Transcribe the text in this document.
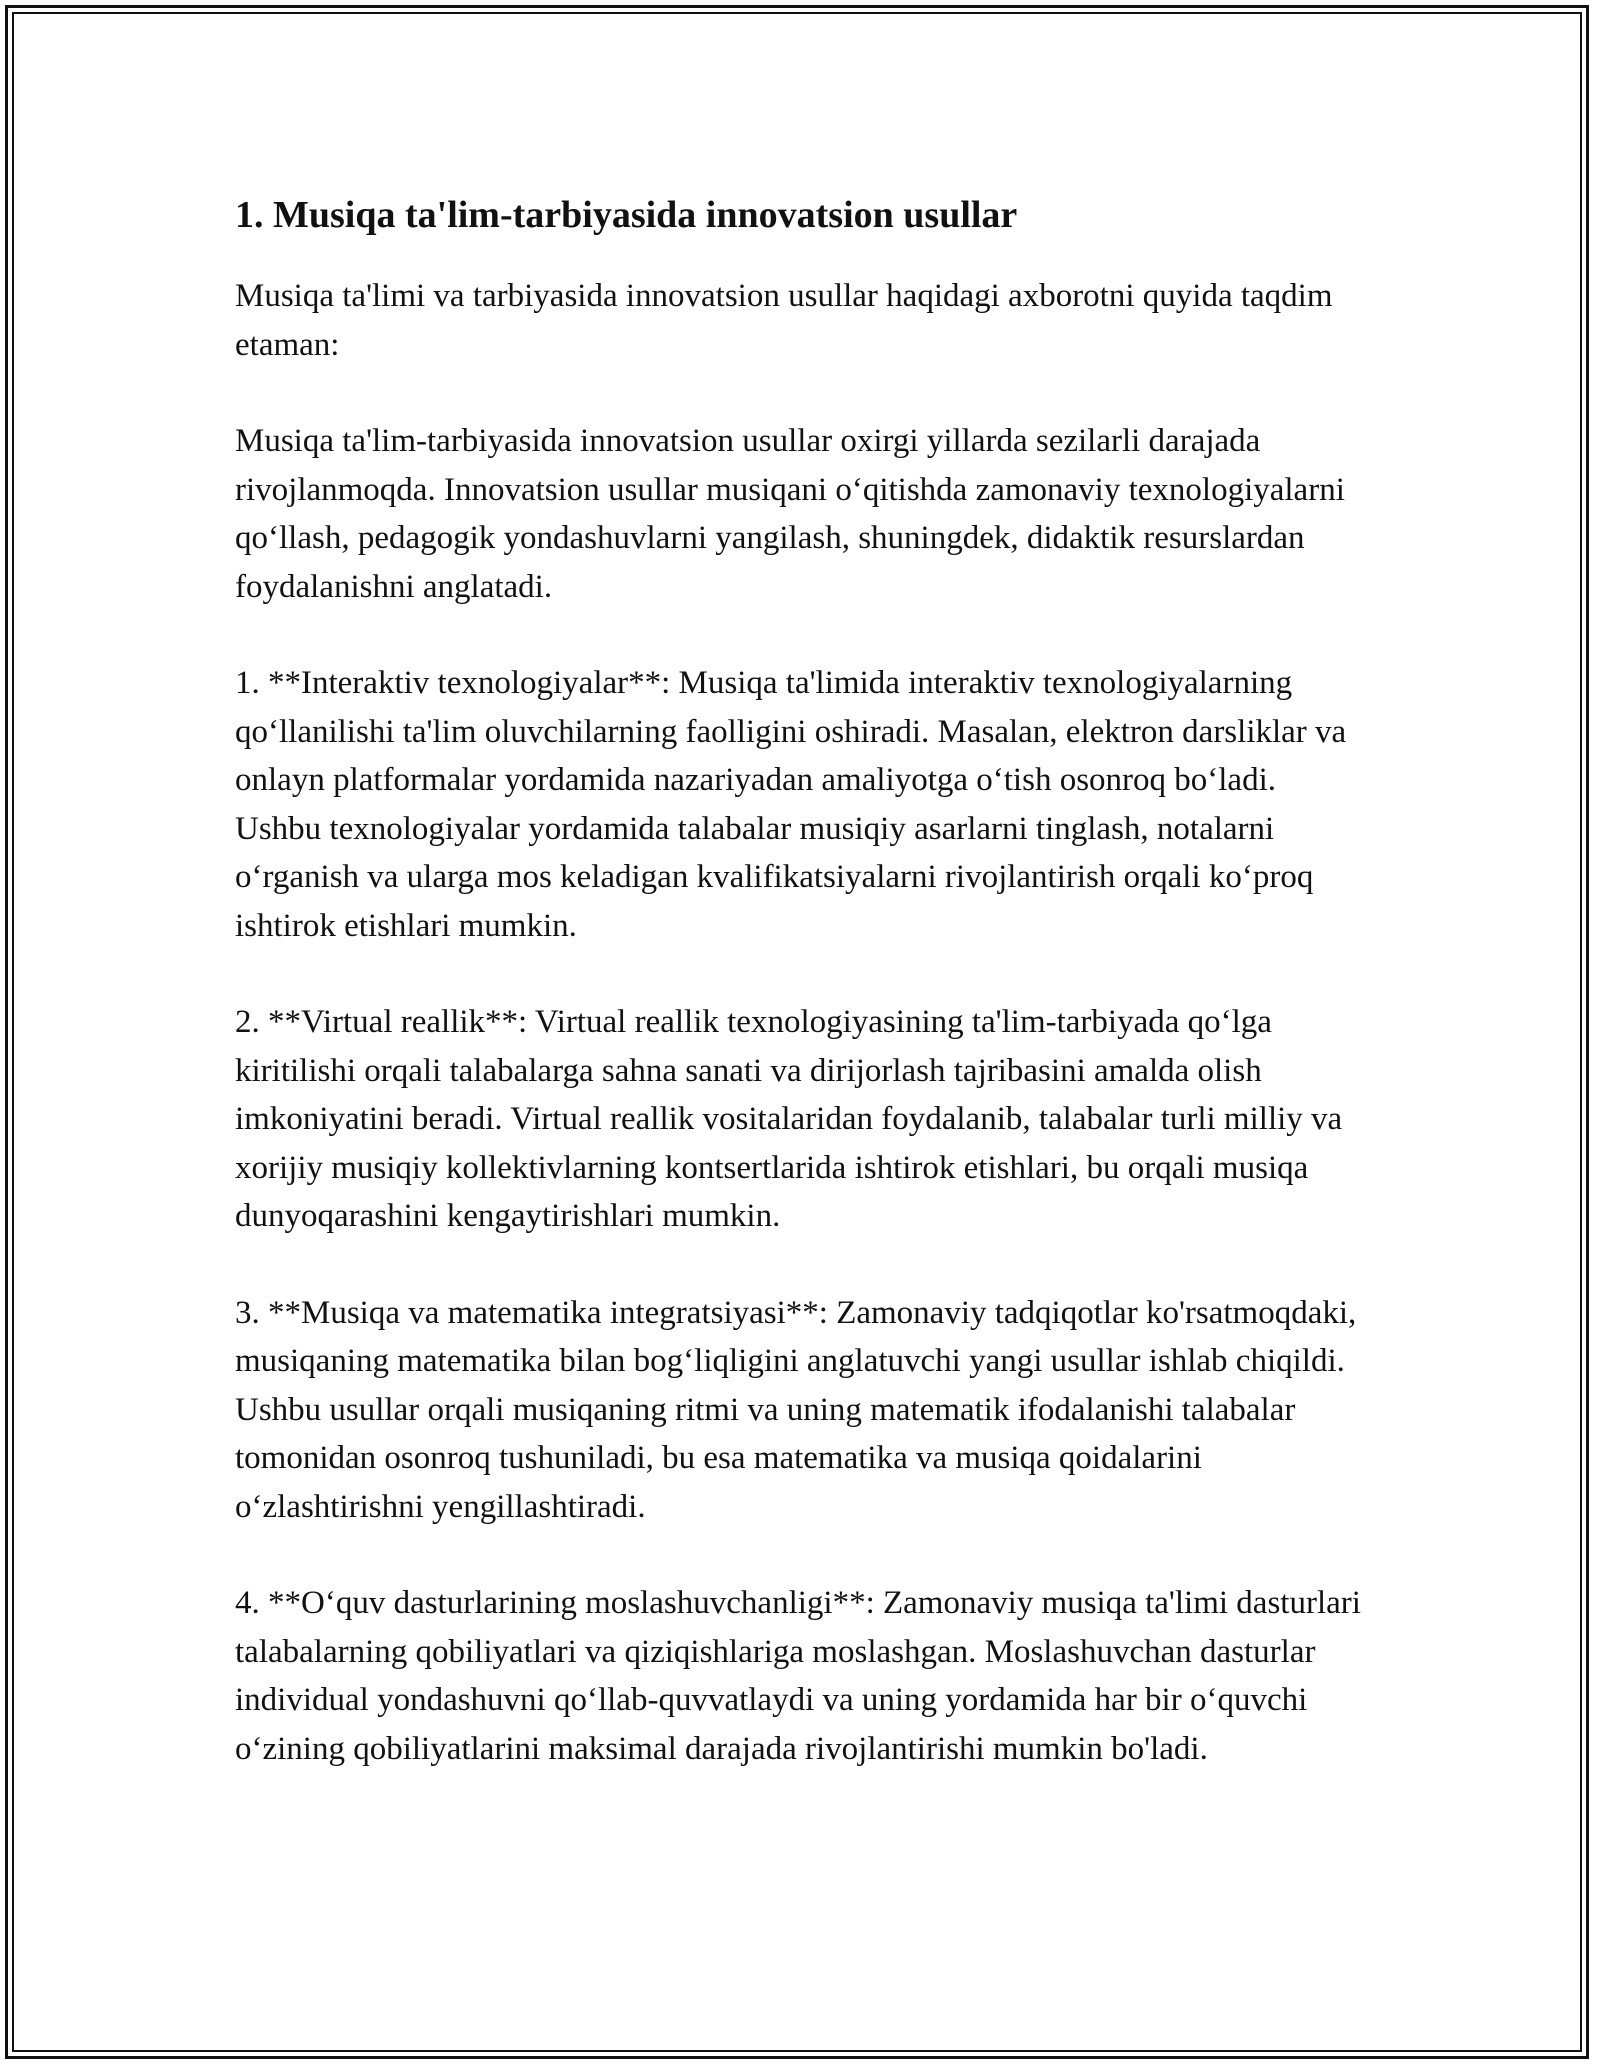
1. Musiqa ta'lim-tarbiyasida innovatsion usullar

Musiqa ta'limi va tarbiyasida innovatsion usullar haqidagi axborotni quyida taqdim etaman:

Musiqa ta'lim-tarbiyasida innovatsion usullar oxirgi yillarda sezilarli darajada rivojlanmoqda. Innovatsion usullar musiqani o‘qitishda zamonaviy texnologiyalarni qo‘llash, pedagogik yondashuvlarni yangilash, shuningdek, didaktik resurslardan foydalanishni anglatadi.

1. **Interaktiv texnologiyalar**: Musiqa ta'limida interaktiv texnologiyalarning qo‘llanilishi ta'lim oluvchilarning faolligini oshiradi. Masalan, elektron darsliklar va onlayn platformalar yordamida nazariyadan amaliyotga o‘tish osonroq bo‘ladi. Ushbu texnologiyalar yordamida talabalar musiqiy asarlarni tinglash, notalarni o‘rganish va ularga mos keladigan kvalifikatsiyalarni rivojlantirish orqali ko‘proq ishtirok etishlari mumkin.

2. **Virtual reallik**: Virtual reallik texnologiyasining ta'lim-tarbiyada qo‘lga kiritilishi orqali talabalarga sahna sanati va dirijorlash tajribasini amalda olish imkoniyatini beradi. Virtual reallik vositalaridan foydalanib, talabalar turli milliy va xorijiy musiqiy kollektivlarning kontsertlarida ishtirok etishlari, bu orqali musiqa dunyoqarashini kengaytirishlari mumkin.

3. **Musiqa va matematika integratsiyasi**: Zamonaviy tadqiqotlar ko'rsatmoqdaki, musiqaning matematika bilan bog‘liqligini anglatuvchi yangi usullar ishlab chiqildi. Ushbu usullar orqali musiqaning ritmi va uning matematik ifodalanishi talabalar tomonidan osonroq tushuniladi, bu esa matematika va musiqa qoidalarini o‘zlashtirishni yengillashtiradi.

4. **O‘quv dasturlarining moslashuvchanligi**: Zamonaviy musiqa ta'limi dasturlari talabalarning qobiliyatlari va qiziqishlariga moslashgan. Moslashuvchan dasturlar individual yondashuvni qo‘llab-quvvatlaydi va uning yordamida har bir o‘quvchi o‘zining qobiliyatlarini maksimal darajada rivojlantirishi mumkin bo'ladi.
